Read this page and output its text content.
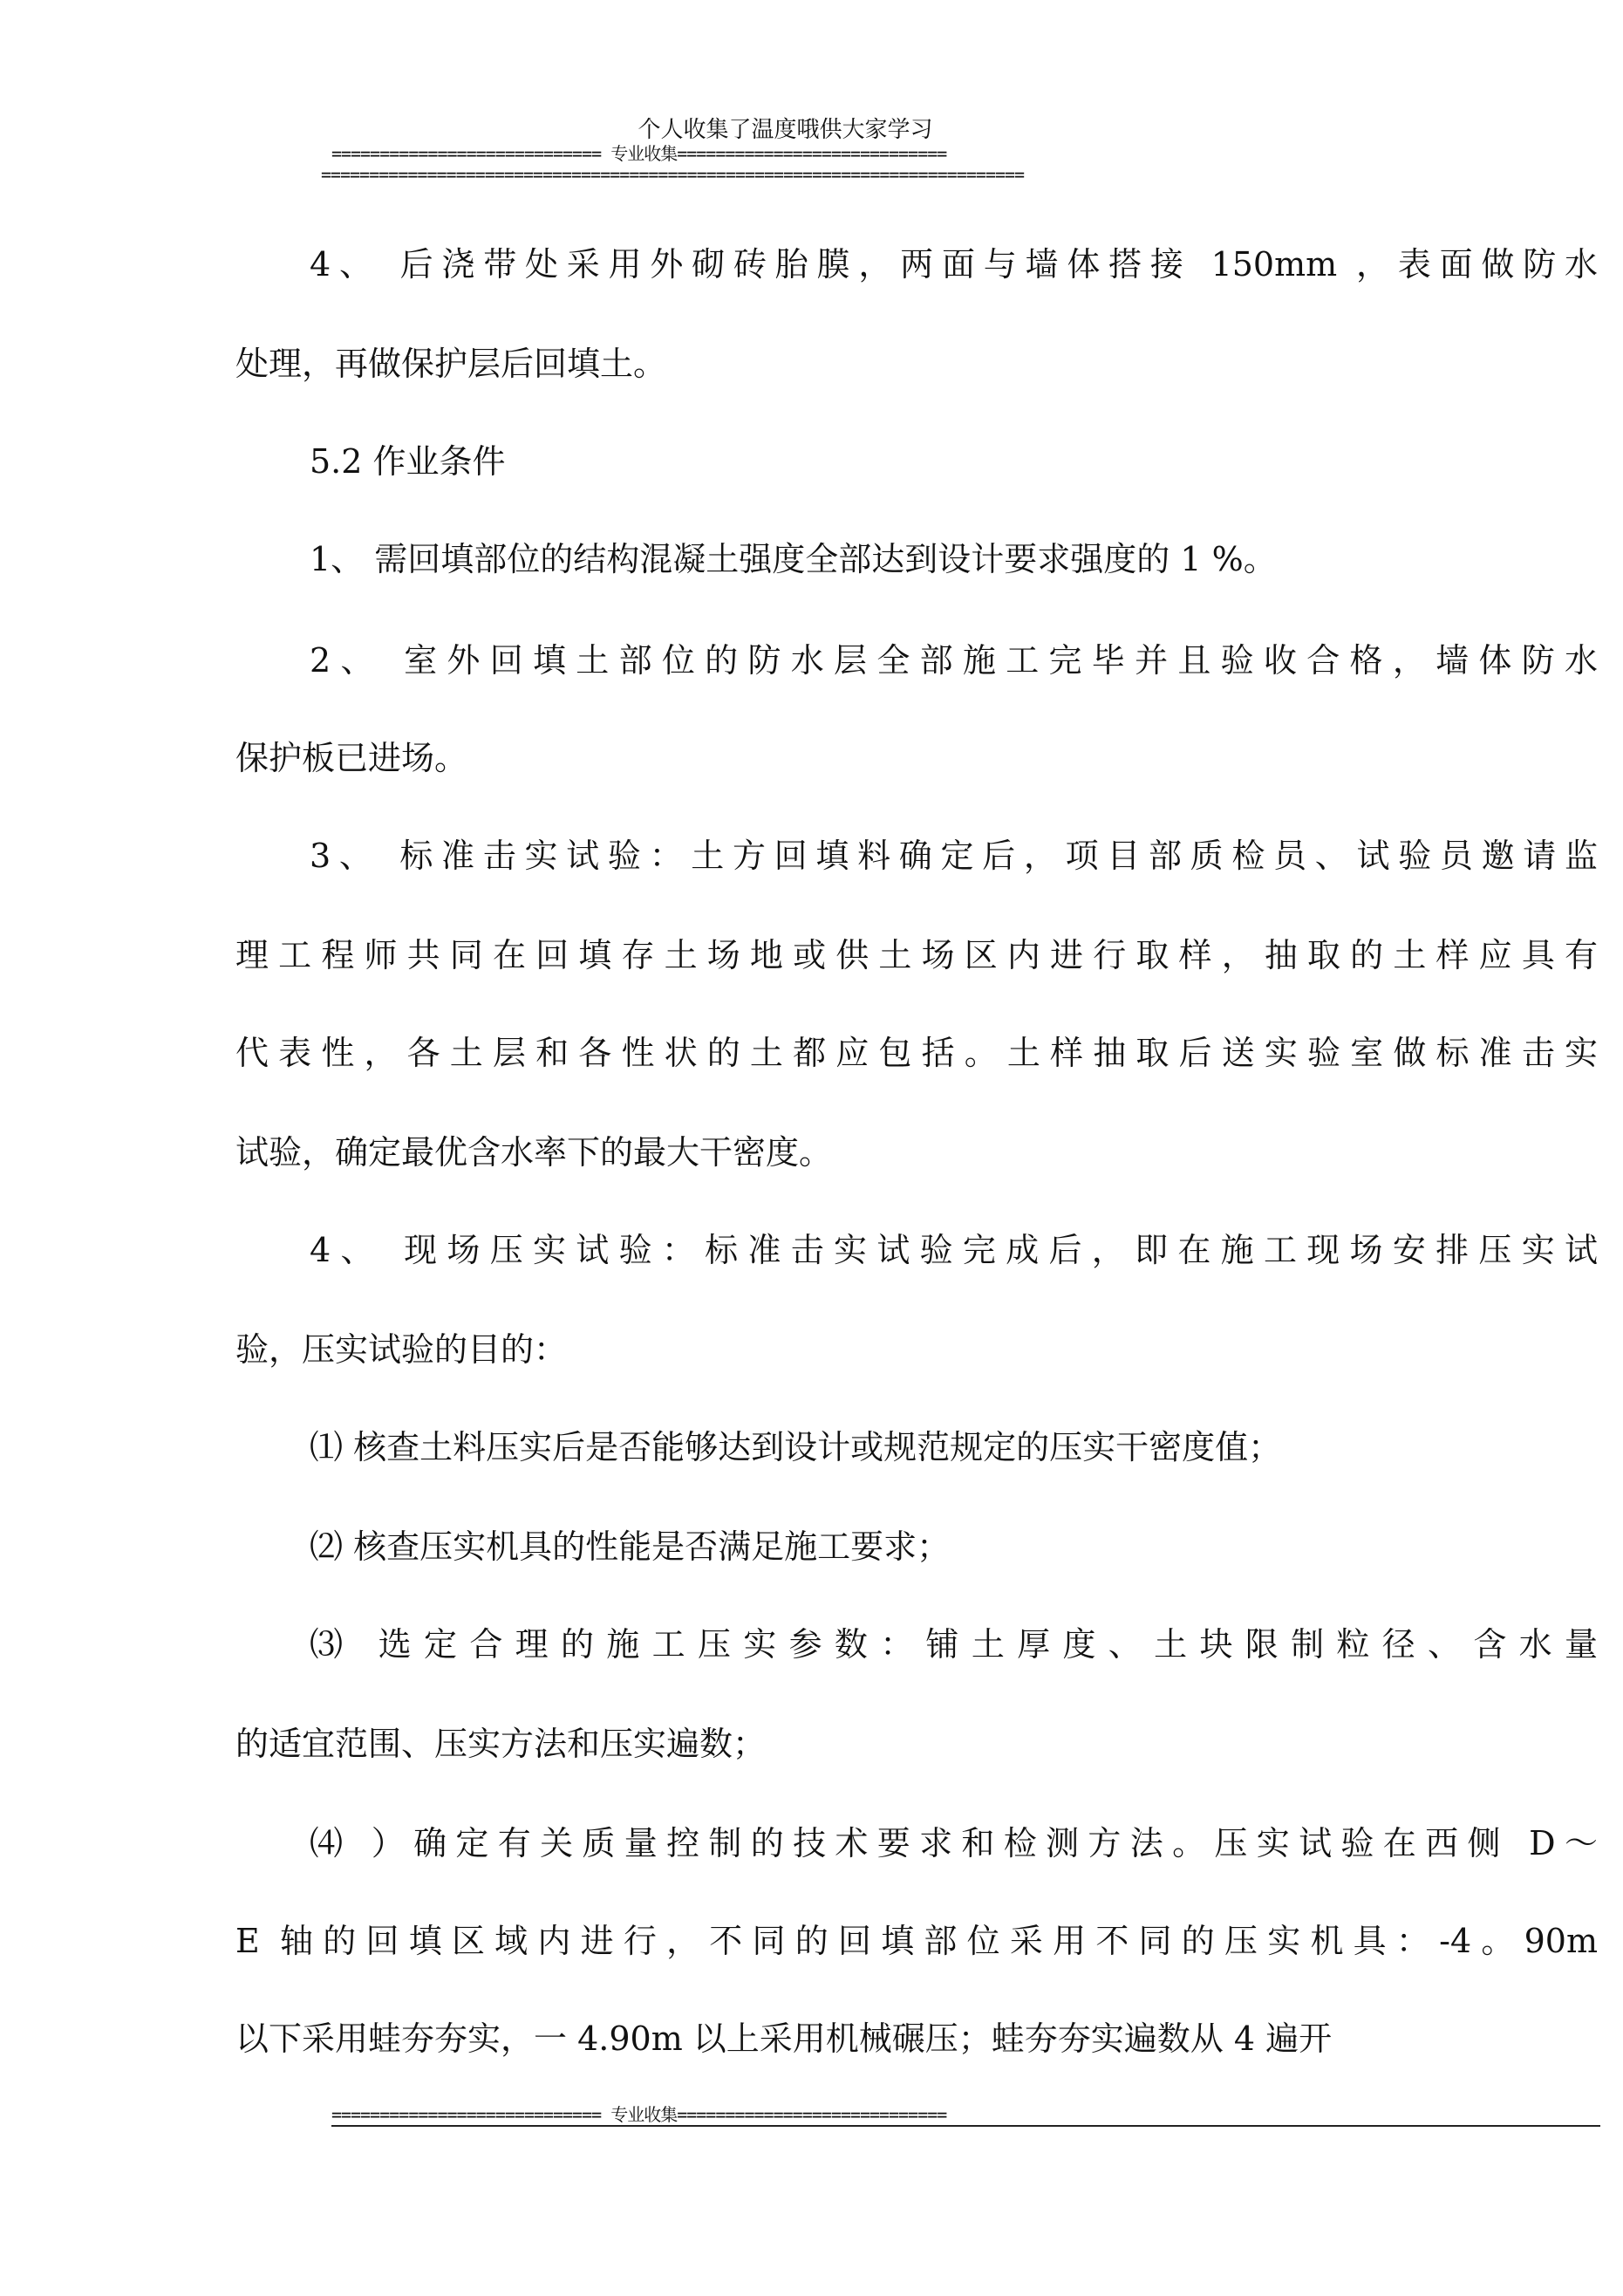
个人收集了温度哦供大家学习
============================ 专业收集============================
=========================================================================
4、 后浇带处采用外砌砖胎膜，两面与墙体搭接 150mm ，表面做防水
处理，再做保护层后回填土。
5.2 作业条件
1、 需回填部位的结构混凝土强度全部达到设计要求强度的 1 %。
2、 室外回填土部位的防水层全部施工完毕并且验收合格，墙体防水
保护板已进场。
3、 标准击实试验：土方回填料确定后，项目部质检员、试验员邀请监
理工程师共同在回填存土场地或供土场区内进行取样，抽取的土样应具有
代表性，各土层和各性状的土都应包括。土样抽取后送实验室做标准击实
试验，确定最优含水率下的最大干密度。
4、 现场压实试验：标准击实试验完成后，即在施工现场安排压实试
验，压实试验的目的：
⑴ 核查土料压实后是否能够达到设计或规范规定的压实干密度值；
⑵ 核查压实机具的性能是否满足施工要求；
⑶ 选定合理的施工压实参数：铺土厚度、土块限制粒径、含水量
的适宜范围、压实方法和压实遍数；
⑷ ）确定有关质量控制的技术要求和检测方法。压实试验在西侧 D～
E 轴的回填区域内进行，不同的回填部位采用不同的压实机具：-4。90m
以下采用蛙夯夯实，一 4.90m 以上采用机械碾压；蛙夯夯实遍数从 4 遍开
============================ 专业收集============================
